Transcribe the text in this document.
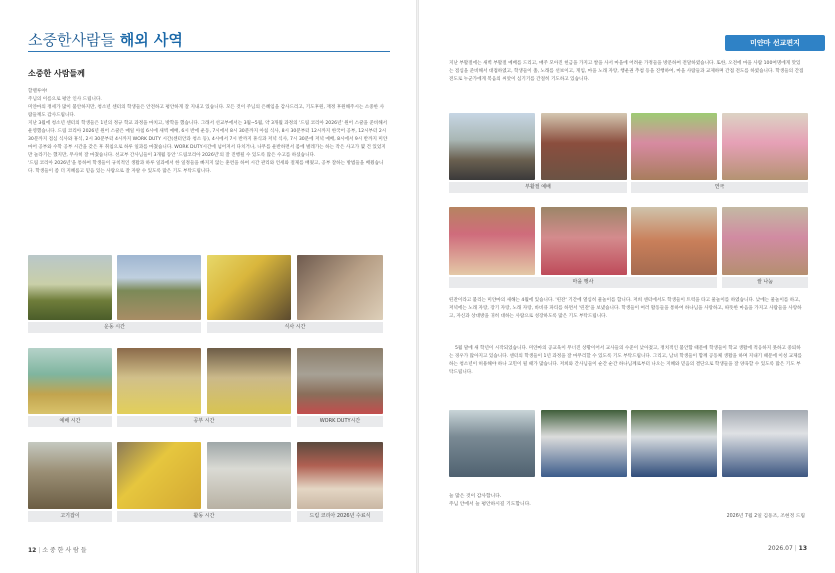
소중한사람들 해외 사역
소중한 사람들께

할렐루야!

주님의 이름으로 평안 인사 드립니다.

미얀마의 정세가 많이 불안하지만, 청소년 센터의 학생들은 안전하고 평안하게 잘 지내고 있습니다. 모든 것이 주님의 은혜임을 감사드리고, 기도후원, 재정 후원해주시는 소중한 사람들께도 감사드립니다.

지난 3월에 청소년 센터의 학생들은 1년의 정규 학교 과정을 마치고, 방학을 했습니다. 그래서 선교부에서는 3월~5월, 약 3개월 과정의 '드림 코리아 2026년' 원어 스쿨을 준비해서 운영했습니다. 드림 코리아 2026년 원어 스쿨은 매일 아침 6시에 새벽 예배, 6시 반에 운동, 7시에서 8시 30분까지 아침 식사, 8시 30분부터 12시까지 한국어 공부, 12시부터 2시 30분까지 점심 식사와 휴식, 2시 30분부터 4시까지 WORK DUTY 시간(센터안과 청소 등), 4시에서 7시 반까지 휴식과 저녁 식사, 7시 30분에 저녁 예배, 8시에서 9시 반까지 미얀마어 공부와 수학 공부 시간을 갖은 후 취침으로 하루 일과를 마쳤습니다. WORK DUTY시간에 넘어져서 다치거나, 나무를 운반하면서 몸에 벌레가는 하는 작은 사고가 몇 건 있었지만 놀라기는 했지만, 무사히 잘 마쳤습니다. 선교부 간사님들이 3개월 동안 '드림코리아 2026년'의 잘 진행될 수 있도록 많은 수고를 하셨습니다.

'드림 코리아 2026년'을 통하여 학생들이 규칙적인 생활과 하루 일과에서 한 일정들을 빠지지 않는 훈련을 하여 시간 관리와 언세와 절제를 배웠고, 공부 잘하는 방법들을 배웠습니다. 학생들이 좀 더 지혜롭고 믿음 있는 사람으로 잘 자랄 수 있도록 많은 기도 부탁드립니다.

운동 시간	식사 시간
예배 시간	공부 시간	WORK DUTY시간
고기잡이	활동 시간	드림 코리아 2026년 수료식
12 | 소 중 한 사 람 들
미얀마 선교편지
지난 부활절에는 새벽 부활절 예배를 드리고, 매주 모아진 헌금을 가지고 쌀을 사서 마을에 어려운 가정들을 방문하여 전달하였습니다. 또한, 오전에 마을 사람 100여명에게 맛있는 점심을 준비해서 대접하였고, 학생들이 춤, 노래를 선보이고, 게임, 마을 노래 자랑, 행운권 추첨 등을 진행하여, 마을 사람들과 교제하며 간접 전도를 하였습니다. 학생들의 간접 전도로 누군가에게 복음의 씨앗이 심기기를 간절히 기도하고 있습니다.
부활절 예배	연극
마을 행사	쌀 나눔
띤잔이라고 불리는 미얀마의 새해는 4월에 있습니다. '띤잔' 기간에 열심히 물놀이를 합니다. 저희 센터에서도 학생들이 트럭을 타고 물놀이를 하였습니다. 낮에는 물놀이를 하고, 저녁에는 노래 자랑, 장기 자랑, 노래 자랑, 바비큐 파티를 하면서 '띤잔'을 보냈습니다. 학생들이 여러 활동들을 통하여 하나님을 사랑하고, 따뜻한 마음을 가지고 사람들을 사랑하고, 자신과 상대방을 귀히 대하는 사람으로 성장하도록 많은 기도 부탁드립니다.
5월 말에 새 학년이 시작되었습니다. 미얀마의 공교육이 무너진 상황이어서 교사들의 수준이 낮아졌고, 정치적인 불안함 때문에 학생들이 학교 생활에 적응하지 못하고 중퇴하는 경우가 많아지고 있습니다. 센터의 학생들이 1년 과정을 잘 마무리할 수 있도록 기도 부탁드립니다. 그리고, 남녀 학생들이 함께 공동체 생활을 하며 지내기 때문에 이성 교제를 하는 청소년이 허용해야 하나 고민이 될 때가 많습니다. 저희와 간사님들이 순간 순간 하나님께로부터 나오는 지혜와 믿음의 결단으로 학생들을 잘 양육할 수 있도록 많은 기도 부탁드립니다.
늘 많은 것이 감사합니다.
주님 안에서 늘 평안하시길 기도합니다.
2026년 7월 2일 김동조, 조현정 드림
2026.07 | 13
